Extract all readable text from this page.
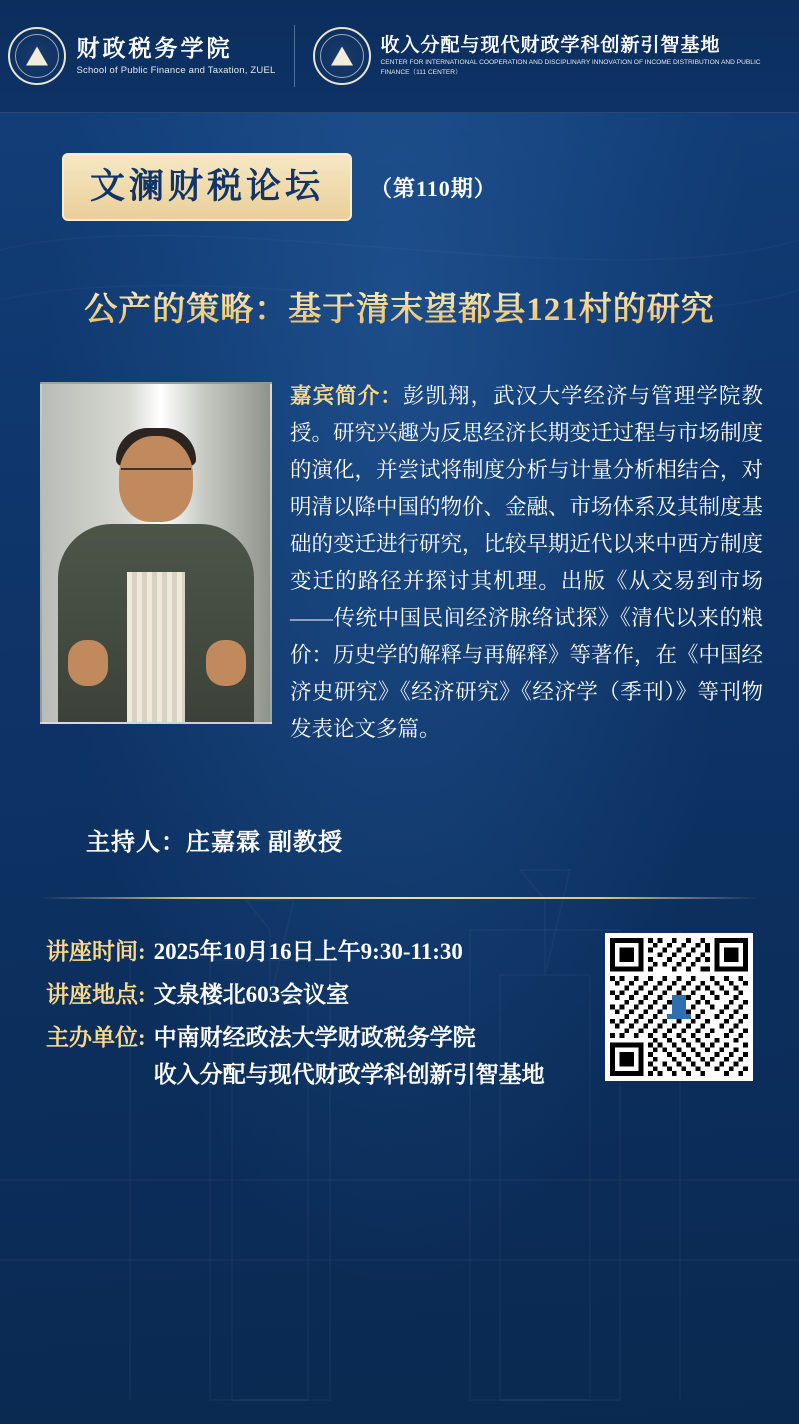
财政税务学院
School of Public Finance and Taxation, ZUEL
收入分配与现代财政学科创新引智基地
CENTER FOR INTERNATIONAL COOPERATION AND DISCIPLINARY INNOVATION OF INCOME DISTRIBUTION AND PUBLIC FINANCE（111 CENTER）
文澜财税论坛	（第110期）
公产的策略：基于清末望都县121村的研究
嘉宾简介：彭凯翔，武汉大学经济与管理学院教授。研究兴趣为反思经济长期变迁过程与市场制度的演化，并尝试将制度分析与计量分析相结合，对明清以降中国的物价、金融、市场体系及其制度基础的变迁进行研究，比较早期近代以来中西方制度变迁的路径并探讨其机理。出版《从交易到市场——传统中国民间经济脉络试探》《清代以来的粮价：历史学的解释与再解释》等著作，在《中国经济史研究》《经济研究》《经济学（季刊）》等刊物发表论文多篇。
主持人：庄嘉霖 副教授
讲座时间: 2025年10月16日上午9:30-11:30
讲座地点: 文泉楼北603会议室
主办单位: 中南财经政法大学财政税务学院
收入分配与现代财政学科创新引智基地
